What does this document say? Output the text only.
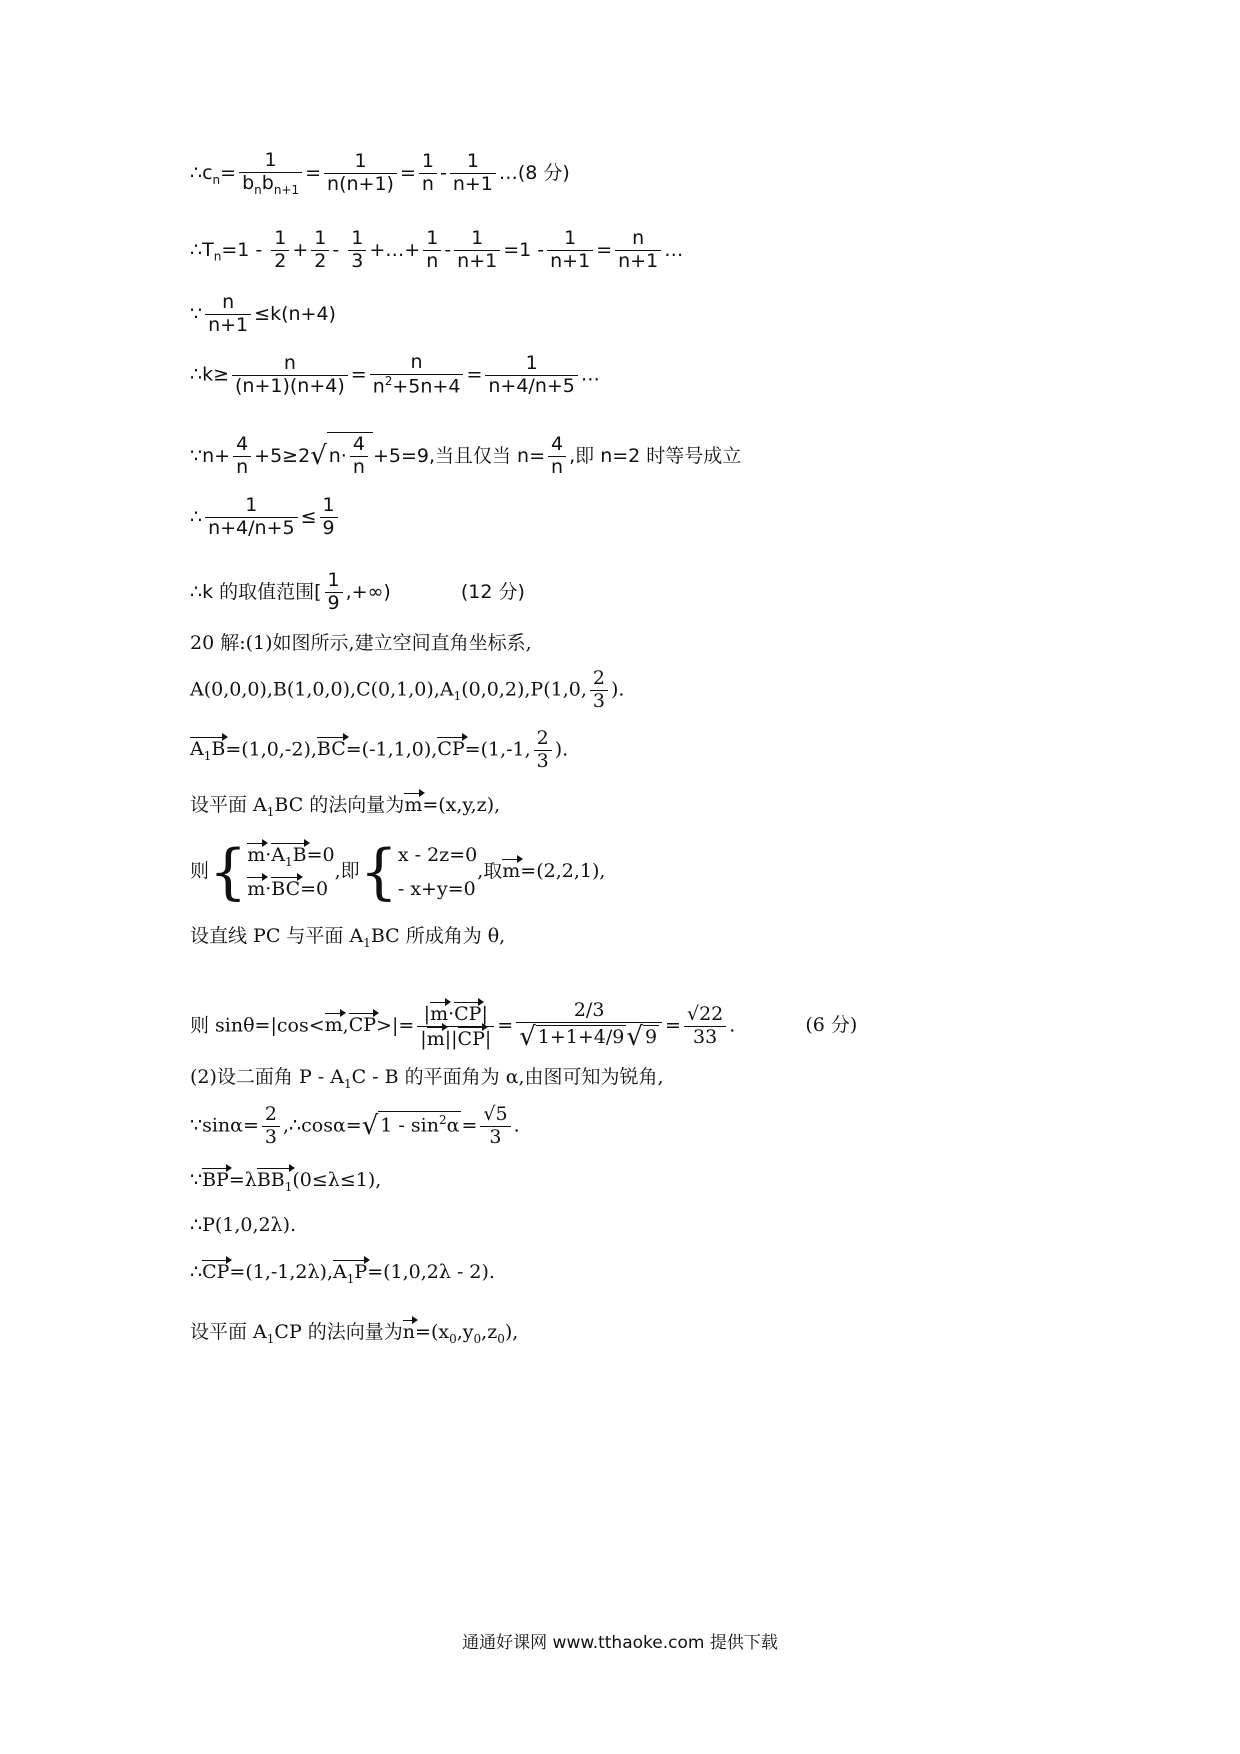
$\therefore c_n=$
1
$b_nb_{n+1}$
= $\frac{1}{n(n+1)} = \frac{1}{n} - \frac{1}{n+1}$ …(8 分)
$\therefore T_n=1 - \frac{1}{2} + \frac{1}{2} - \frac{1}{3}$ +…+ $\frac{1}{n} - \frac{1}{n+1} =1 - \frac{1}{n+1} = \frac{n}{n+1}$ …
∵ $\frac{n}{n+1} \le k(n+4)$
∴k≥ $\frac{n}{(n+1)(n+4)} = \frac{n}{n^2+5n+4} = \frac{1}{n+4/n+5}$ …
∵n+ $\frac{4}{n} +5\ge 2√$ $n\cdot \frac{4}{n} +5=9$,当且仅当 $n= \frac{4}{n}$ ,即 n=2 时等号成立
∴ $\frac{1}{n+4/n+5} \le \frac{1}{9}$
∴k 的取值范围[ $\frac{1}{9}$ ,+∞)	(12 分)
20 解:(1)如图所示,建立空间直角坐标系,
$A(0,0,0),B(1,0,0),C(0,1,0),A_1(0,0,2),P(1,0$, $\frac{2}{3}$ ).
$A_1B=(1,0,-2),BC=(-1,1,0),CP=(1,-1$, $\frac{2}{3}$ ).
设平面 $A_1BC$ 的法向量为m=(x,y,z),
则{$m\cdot A_1B=0$
m·BC=0,即{x - 2z=0
- x+y=0,取m=(2,2,1),
设直线 PC 与平面 $A_1BC$ 所成角为 θ,
则 $\sin\theta=|\cos<m,CP>|= \frac{|m\cdot CP|}{|m||CP|} = \frac{2/3}{√ 1+1+4/9√ 9} = \frac{√22}{33}$ .	(6 分)
(2)设二面角 P - $A_1C$ - B 的平面角为 α,由图可知为锐角,
∵sinα= $\frac{2}{3}$ ,∴cosα=√ $1 - \sin^2\alpha = \frac{√5}{3}$ .
∵BP=λBB$_1$(0≤λ≤1),
∴P(1,0,2λ).
$\therefore CP=(1,-1,2\lambda),A_1P=(1,0,2\lambda - 2)$.
设平面 $A_1CP$ 的法向量为$n=(x_0,y_0,z_0)$,
通通好课网 www.tthaoke.com 提供下载
